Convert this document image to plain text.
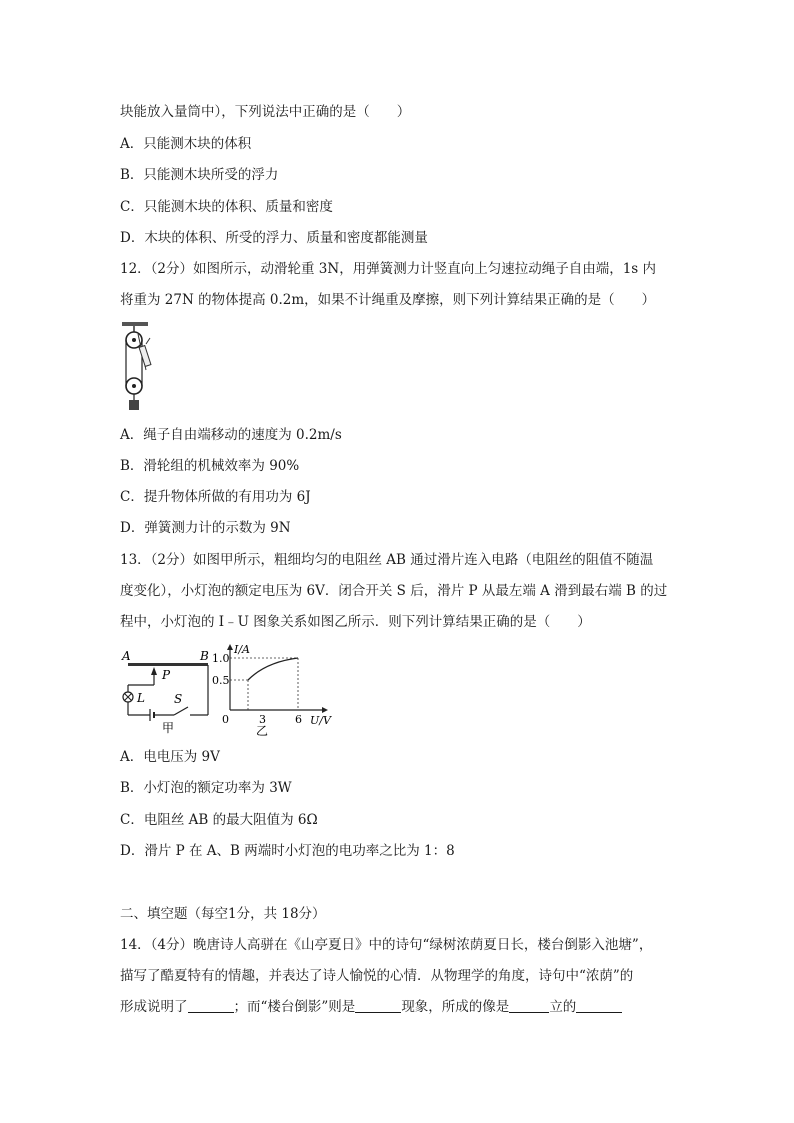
块能放入量筒中），下列说法中正确的是（　　）
A．只能测木块的体积
B．只能测木块所受的浮力
C．只能测木块的体积、质量和密度
D．木块的体积、所受的浮力、质量和密度都能测量
12．（2分）如图所示，动滑轮重 3N，用弹簧测力计竖直向上匀速拉动绳子自由端，1s 内
将重为 27N 的物体提高 0.2m，如果不计绳重及摩擦，则下列计算结果正确的是（　　）
A．绳子自由端移动的速度为 0.2m/s
B．滑轮组的机械效率为 90%
C．提升物体所做的有用功为 6J
D．弹簧测力计的示数为 9N
13．（2分）如图甲所示，粗细均匀的电阻丝 AB 通过滑片连入电路（电阻丝的阻值不随温
度变化），小灯泡的额定电压为 6V．闭合开关 S 后，滑片 P 从最左端 A 滑到最右端 B 的过
程中，小灯泡的 I﹣U 图象关系如图乙所示．则下列计算结果正确的是（　　）
A	B
P
L S
甲
I/A
U/V
1.0
0.5
0	3	6
乙
A．电电压为 9V
B．小灯泡的额定功率为 3W
C．电阻丝 AB 的最大阻值为 6Ω
D．滑片 P 在 A、B 两端时小灯泡的电功率之比为 1：8
二、填空题（每空1分，共 18分）
14．（4分）晚唐诗人高骈在《山亭夏日》中的诗句“绿树浓荫夏日长，楼台倒影入池塘”，
描写了酷夏特有的情趣，并表达了诗人愉悦的心情．从物理学的角度，诗句中“浓荫”的
形成说明了	；而“楼台倒影”则是	现象，所成的像是	立的
